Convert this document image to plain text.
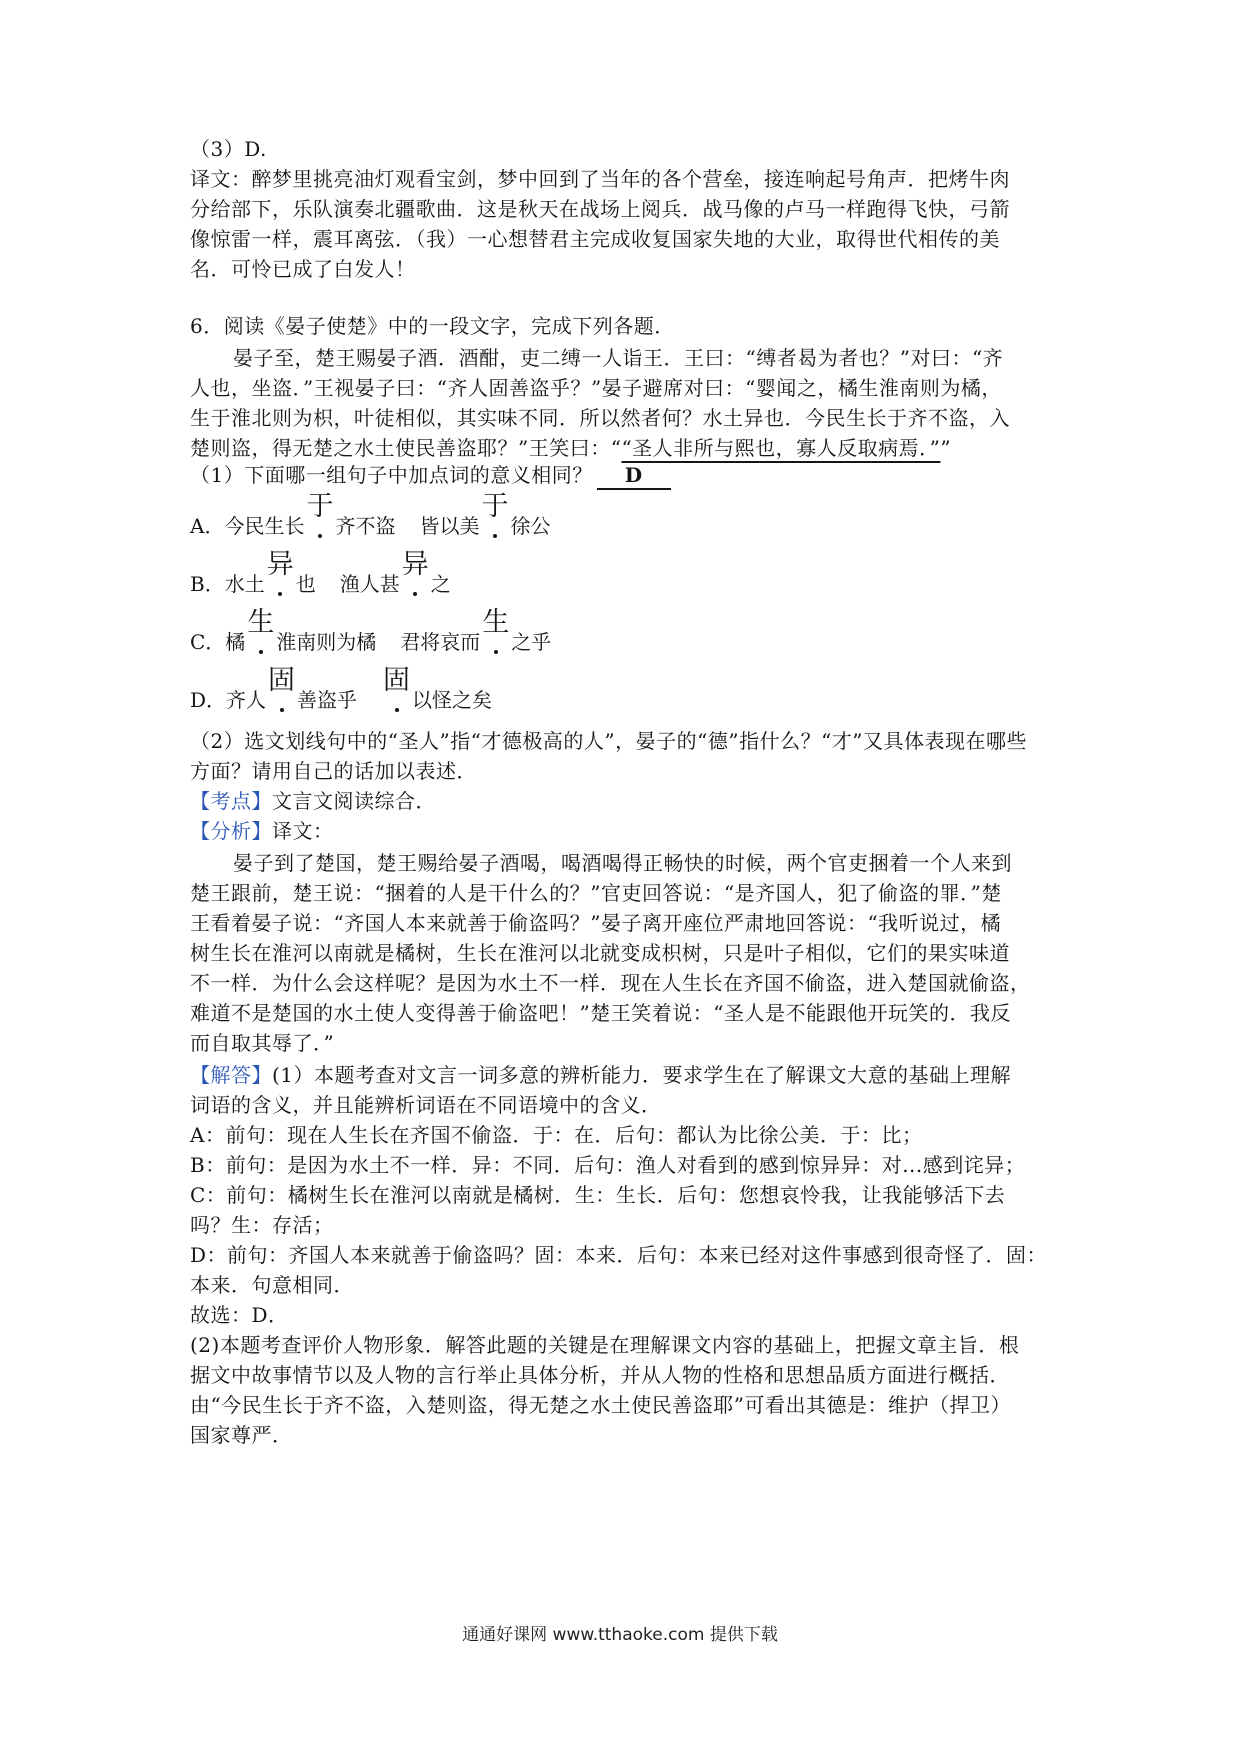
（3）D.
译文：醉梦里挑亮油灯观看宝剑，梦中回到了当年的各个营垒，接连响起号角声．把烤牛肉
分给部下，乐队演奏北疆歌曲．这是秋天在战场上阅兵．战马像的卢马一样跑得飞快，弓箭
像惊雷一样，震耳离弦．（我）一心想替君主完成收复国家失地的大业，取得世代相传的美
名．可怜已成了白发人！
6．阅读《晏子使楚》中的一段文字，完成下列各题．
晏子至，楚王赐晏子酒．酒酣，吏二缚一人诣王．王曰：“缚者曷为者也？”对曰：“齐
人也，坐盗．”王视晏子曰：“齐人固善盗乎？”晏子避席对曰：“婴闻之，橘生淮南则为橘，
生于淮北则为枳，叶徒相似，其实味不同．所以然者何？水土异也．今民生长于齐不盗，入
楚则盗，得无楚之水土使民善盗耶？”王笑曰：““圣人非所与熙也，寡人反取病焉．””
（1）下面哪一组句子中加点词的意义相同？ D
A．今民生长于齐不盗 皆以美于徐公
B．水土异也 渔人甚异之
C．橘生淮南则为橘 君将哀而生之乎
D．齐人固善盗乎固以怪之矣
（2）选文划线句中的“圣人”指“才德极高的人”，晏子的“德”指什么？“才”又具体表现在哪些
方面？请用自己的话加以表述．
【考点】文言文阅读综合．
【分析】译文：
晏子到了楚国，楚王赐给晏子酒喝，喝酒喝得正畅快的时候，两个官吏捆着一个人来到
楚王跟前，楚王说：“捆着的人是干什么的？”官吏回答说：“是齐国人，犯了偷盗的罪．”楚
王看着晏子说：“齐国人本来就善于偷盗吗？”晏子离开座位严肃地回答说：“我听说过，橘
树生长在淮河以南就是橘树，生长在淮河以北就变成枳树，只是叶子相似，它们的果实味道
不一样．为什么会这样呢？是因为水土不一样．现在人生长在齐国不偷盗，进入楚国就偷盗，
难道不是楚国的水土使人变得善于偷盗吧！”楚王笑着说：“圣人是不能跟他开玩笑的．我反
而自取其辱了．”
【解答】(1）本题考查对文言一词多意的辨析能力．要求学生在了解课文大意的基础上理解
词语的含义，并且能辨析词语在不同语境中的含义．
A：前句：现在人生长在齐国不偷盗．于：在．后句：都认为比徐公美．于：比；
B：前句：是因为水土不一样．异：不同．后句：渔人对看到的感到惊异异：对...感到诧异；
C：前句：橘树生长在淮河以南就是橘树．生：生长．后句：您想哀怜我，让我能够活下去
吗？生：存活；
D：前句：齐国人本来就善于偷盗吗？固：本来．后句：本来已经对这件事感到很奇怪了．固：
本来．句意相同．
故选：D．
(2)本题考查评价人物形象．解答此题的关键是在理解课文内容的基础上，把握文章主旨．根
据文中故事情节以及人物的言行举止具体分析，并从人物的性格和思想品质方面进行概括．
由“今民生长于齐不盗，入楚则盗，得无楚之水土使民善盗耶”可看出其德是：维护（捍卫）
国家尊严．
通通好课网 www.tthaoke.com 提供下载
